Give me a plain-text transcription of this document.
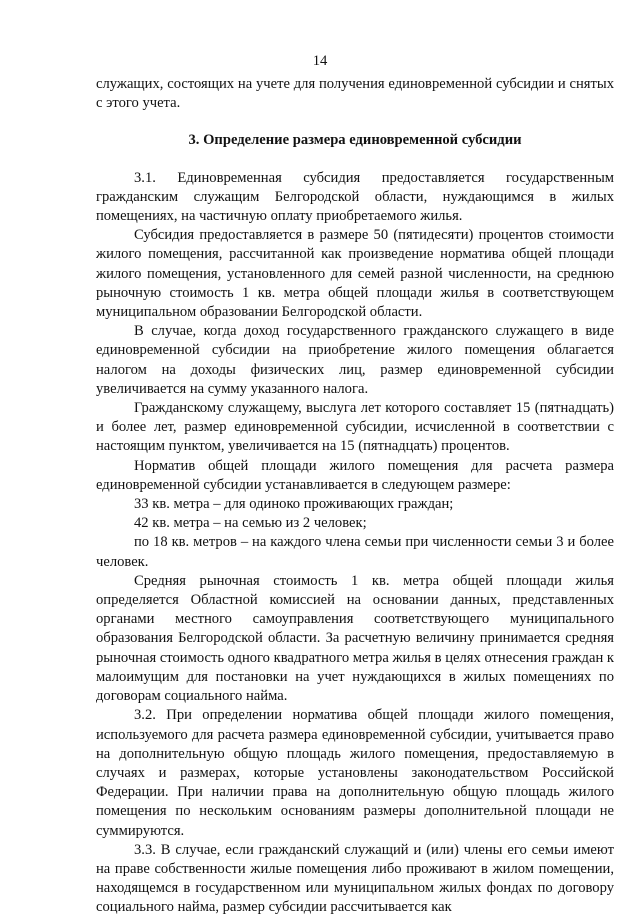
14

служащих, состоящих на учете для получения единовременной субсидии и снятых с этого учета.

3. Определение размера единовременной субсидии

3.1. Единовременная субсидия предоставляется государственным гражданским служащим Белгородской области, нуждающимся в жилых помещениях, на частичную оплату приобретаемого жилья.

Субсидия предоставляется в размере 50 (пятидесяти) процентов стоимости жилого помещения, рассчитанной как произведение норматива общей площади жилого помещения, установленного для семей разной численности, на среднюю рыночную стоимость 1 кв. метра общей площади жилья в соответствующем муниципальном образовании Белгородской области.

В случае, когда доход государственного гражданского служащего в виде единовременной субсидии на приобретение жилого помещения облагается налогом на доходы физических лиц, размер единовременной субсидии увеличивается на сумму указанного налога.

Гражданскому служащему, выслуга лет которого составляет 15 (пятнадцать) и более лет, размер единовременной субсидии, исчисленной в соответствии с настоящим пунктом, увеличивается на 15 (пятнадцать) процентов.

Норматив общей площади жилого помещения для расчета размера единовременной субсидии устанавливается в следующем размере:

33 кв. метра – для одиноко проживающих граждан;

42 кв. метра – на семью из 2 человек;

по 18 кв. метров – на каждого члена семьи при численности семьи 3 и более человек.

Средняя рыночная стоимость 1 кв. метра общей площади жилья определяется Областной комиссией на основании данных, представленных органами местного самоуправления соответствующего муниципального образования Белгородской области. За расчетную величину принимается средняя рыночная стоимость одного квадратного метра жилья в целях отнесения граждан к малоимущим для постановки на учет нуждающихся в жилых помещениях по договорам социального найма.

3.2. При определении норматива общей площади жилого помещения, используемого для расчета размера единовременной субсидии, учитывается право на дополнительную общую площадь жилого помещения, предоставляемую в случаях и размерах, которые установлены законодательством Российской Федерации. При наличии права на дополнительную общую площадь жилого помещения по нескольким основаниям размеры дополнительной площади не суммируются.

3.3. В случае, если гражданский служащий и (или) члены его семьи имеют на праве собственности жилые помещения либо проживают в жилом помещении, находящемся в государственном или муниципальном жилых фондах по договору социального найма, размер субсидии рассчитывается как
